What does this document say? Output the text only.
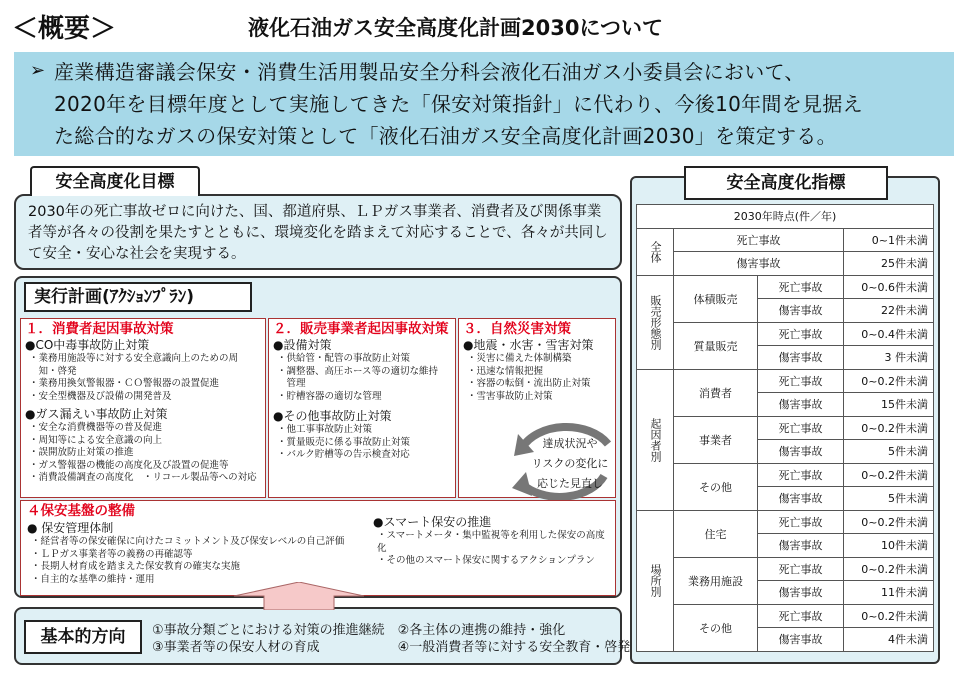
＜概要＞	液化石油ガス安全高度化計画2030について
➢ 産業構造審議会保安・消費生活用製品安全分科会液化石油ガス小委員会において、

2020年を目標年度として実施してきた「保安対策指針」に代わり、今後10年間を見据え

た総合的なガスの保安対策として「液化石油ガス安全高度化計画2030」を策定する。

安全高度化目標
2030年の死亡事故ゼロに向けた、国、都道府県、ＬＰガス事業者、消費者及び関係事業者等が各々の役割を果たすとともに、環境変化を踏まえて対応することで、各々が共同して安全・安心な社会を実現する。
実行計画(ｱｸｼｮﾝﾌﾟﾗﾝ)
１．消費者起因事故対策
●CO中毒事故防止対策
・業務用施設等に対する安全意識向上のための周
　知・啓発
・業務用換気警報器・ＣＯ警報器の設置促進
・安全型機器及び設備の開発普及
●ガス漏えい事故防止対策
・安全な消費機器等の普及促進
・周知等による安全意識の向上
・誤開放防止対策の推進
・ガス警報器の機能の高度化及び設置の促進等
・消費設備調査の高度化　・リコール製品等への対応
２．販売事業者起因事故対策
●設備対策
・供給管・配管の事故防止対策
・調整器、高圧ホース等の適切な維持
　管理
・貯槽容器の適切な管理
●その他事故防止対策
・他工事事故防止対策
・質量販売に係る事故防止対策
・バルク貯槽等の告示検査対応
３．自然災害対策
●地震・水害・雪害対策
・災害に備えた体制構築
・迅速な情報把握
・容器の転倒・流出防止対策
・雪害事故防止対策
達成状況や
リスクの変化に
応じた見直し
４保安基盤の整備
● 保安管理体制
・経営者等の保安確保に向けたコミットメント及び保安レベルの自己評価
・ＬＰガス事業者等の義務の再確認等
・長期人材育成を踏まえた保安教育の確実な実施
・自主的な基準の維持・運用
●スマート保安の推進
・スマートメータ・集中監視等を利用した保安の高度化
・その他のスマート保安に関するアクションプラン
基本的方向	①事故分類ごとにおける対策の推進継続　②各主体の連携の維持・強化
③事業者等の保安人材の育成　　　　　　④一般消費者等に対する安全教育・啓発
安全高度化指標
2030年時点(件／年)			

全体	死亡事故		0~1件未満
	傷害事故		25件未満

販売形態別	体積販売	死亡事故	0~0.6件未満
		傷害事故	22件未満
	質量販売	死亡事故	0~0.4件未満
		傷害事故	3 件未満

起因者別	消費者	死亡事故	0~0.2件未満
		傷害事故	15件未満
	事業者	死亡事故	0~0.2件未満
		傷害事故	5件未満
	その他	死亡事故	0~0.2件未満
		傷害事故	5件未満

場所別	住宅	死亡事故	0~0.2件未満
		傷害事故	10件未満
	業務用施設	死亡事故	0~0.2件未満
		傷害事故	11件未満
	その他	死亡事故	0~0.2件未満
		傷害事故	4件未満
